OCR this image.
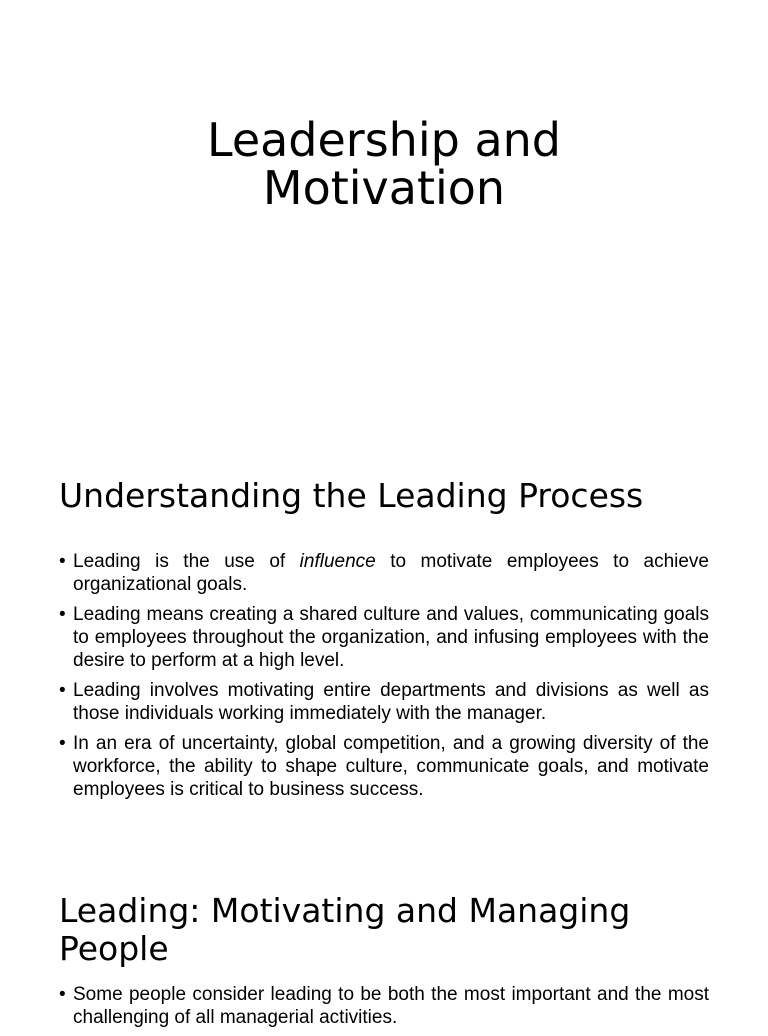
Leadership and
Motivation
Understanding the Leading Process
• Leading is the use of influence to motivate employees to achieve organizational goals.
• Leading means creating a shared culture and values, communicating goals to employees throughout the organization, and infusing employees with the desire to perform at a high level.
• Leading involves motivating entire departments and divisions as well as those individuals working immediately with the manager.
• In an era of uncertainty, global competition, and a growing diversity of the workforce, the ability to shape culture, communicate goals, and motivate employees is critical to business success.
Leading: Motivating and Managing
People
• Some people consider leading to be both the most important and the most challenging of all managerial activities.
